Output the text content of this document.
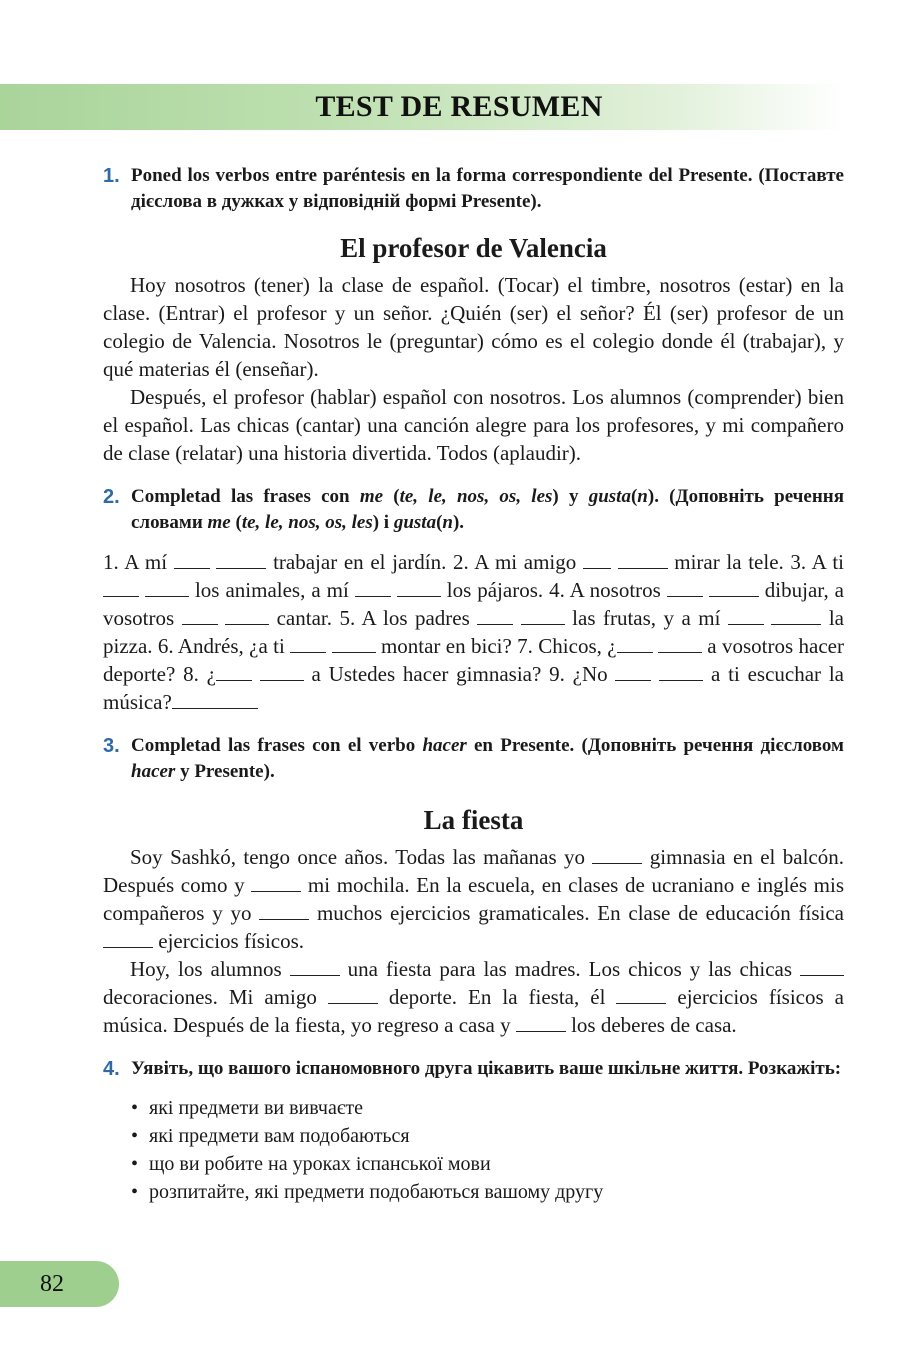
TEST DE RESUMEN
1. Poned los verbos entre paréntesis en la forma correspondiente del Presente. (Поставте дієслова в дужках у відповідній формі Presente).
El profesor de Valencia

Hoy nosotros (tener) la clase de español. (Tocar) el timbre, nosotros (estar) en la clase. (Entrar) el profesor y un señor. ¿Quién (ser) el señor? Él (ser) profesor de un colegio de Valencia. Nosotros le (preguntar) cómo es el colegio donde él (trabajar), y qué materias él (enseñar).

Después, el profesor (hablar) español con nosotros. Los alumnos (comprender) bien el español. Las chicas (cantar) una canción alegre para los profesores, y mi compañero de clase (relatar) una historia divertida. Todos (aplaudir).

2. Completad las frases con me (te, le, nos, os, les) y gusta(n). (Доповніть речення словами me (te, le, nos, os, les) і gusta(n).

1. A mí	trabajar en el jardín. 2. A mi amigo	mirar la tele. 3. A ti   los animales, a mí	los pájaros. 4. A nosotros	dibujar, a vosotros	cantar. 5. A los padres	las frutas, y a mí	la pizza. 6. Andrés, ¿a ti	montar en bici? 7. Chicos, ¿	a vosotros hacer deporte? 8. ¿	a Ustedes hacer gimnasia? 9. ¿No	a ti escuchar la música?

3. Completad las frases con el verbo hacer en Presente. (Доповніть речення дієсловом hacer у Presente).
La fiesta

Soy Sashkó, tengo once años. Todas las mañanas yo  gimnasia en el balcón. Después como y  mi mochila. En la escuela, en clases de ucraniano e inglés mis compañeros y yo  muchos ejercicios gramaticales. En clase de educación física  ejercicios físicos.

Hoy, los alumnos  una fiesta para las madres. Los chicos y las chicas  decoraciones. Mi amigo  deporte. En la fiesta, él  ejercicios físicos a música. Después de la fiesta, yo regreso a casa y  los deberes de casa.

4. Уявіть, що вашого іспаномовного друга цікавить ваше шкільне життя. Розкажіть:
• які предмети ви вивчаєте
• які предмети вам подобаються
• що ви робите на уроках іспанської мови
• розпитайте, які предмети подобаються вашому другу
82
